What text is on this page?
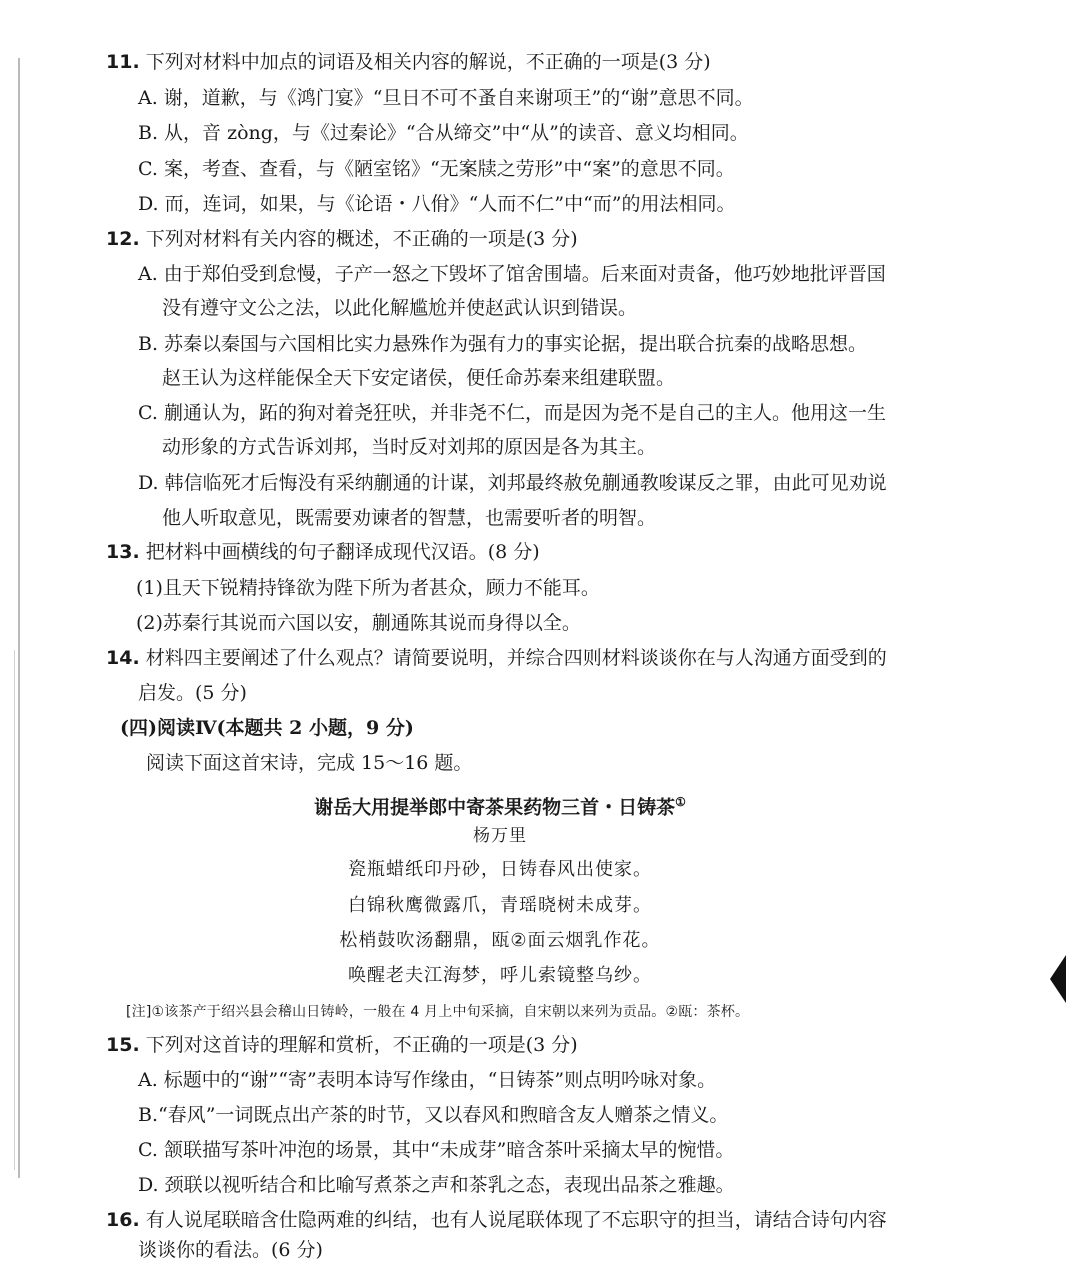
11. 下列对材料中加点的词语及相关内容的解说，不正确的一项是(3 分)
A. 谢，道歉，与《鸿门宴》“旦日不可不蚤自来谢项王”的“谢”意思不同。
B. 从，音 zòng，与《过秦论》“合从缔交”中“从”的读音、意义均相同。
C. 案，考查、查看，与《陋室铭》“无案牍之劳形”中“案”的意思不同。
D. 而，连词，如果，与《论语・八佾》“人而不仁”中“而”的用法相同。
12. 下列对材料有关内容的概述，不正确的一项是(3 分)
A. 由于郑伯受到怠慢，子产一怒之下毁坏了馆舍围墙。后来面对责备，他巧妙地批评晋国
没有遵守文公之法，以此化解尴尬并使赵武认识到错误。
B. 苏秦以秦国与六国相比实力悬殊作为强有力的事实论据，提出联合抗秦的战略思想。
赵王认为这样能保全天下安定诸侯，便任命苏秦来组建联盟。
C. 蒯通认为，跖的狗对着尧狂吠，并非尧不仁，而是因为尧不是自己的主人。他用这一生
动形象的方式告诉刘邦，当时反对刘邦的原因是各为其主。
D. 韩信临死才后悔没有采纳蒯通的计谋，刘邦最终赦免蒯通教唆谋反之罪，由此可见劝说
他人听取意见，既需要劝谏者的智慧，也需要听者的明智。
13. 把材料中画横线的句子翻译成现代汉语。(8 分)
(1)且天下锐精持锋欲为陛下所为者甚众，顾力不能耳。
(2)苏秦行其说而六国以安，蒯通陈其说而身得以全。
14. 材料四主要阐述了什么观点？请简要说明，并综合四则材料谈谈你在与人沟通方面受到的
启发。(5 分)
(四)阅读Ⅳ(本题共 2 小题，9 分)
阅读下面这首宋诗，完成 15～16 题。
谢岳大用提举郎中寄茶果药物三首・日铸茶①
杨万里
瓷瓶蜡纸印丹砂，日铸春风出使家。
白锦秋鹰微露爪，青瑶晓树未成芽。
松梢鼓吹汤翻鼎，瓯②面云烟乳作花。
唤醒老夫江海梦，呼儿索镜整乌纱。
[注]①该茶产于绍兴县会稽山日铸岭，一般在 4 月上中旬采摘，自宋朝以来列为贡品。②瓯：茶杯。
15. 下列对这首诗的理解和赏析，不正确的一项是(3 分)
A. 标题中的“谢”“寄”表明本诗写作缘由，“日铸茶”则点明吟咏对象。
B.“春风”一词既点出产茶的时节，又以春风和煦暗含友人赠茶之情义。
C. 颔联描写茶叶冲泡的场景，其中“未成芽”暗含茶叶采摘太早的惋惜。
D. 颈联以视听结合和比喻写煮茶之声和茶乳之态，表现出品茶之雅趣。
16. 有人说尾联暗含仕隐两难的纠结，也有人说尾联体现了不忘职守的担当，请结合诗句内容
谈谈你的看法。(6 分)
